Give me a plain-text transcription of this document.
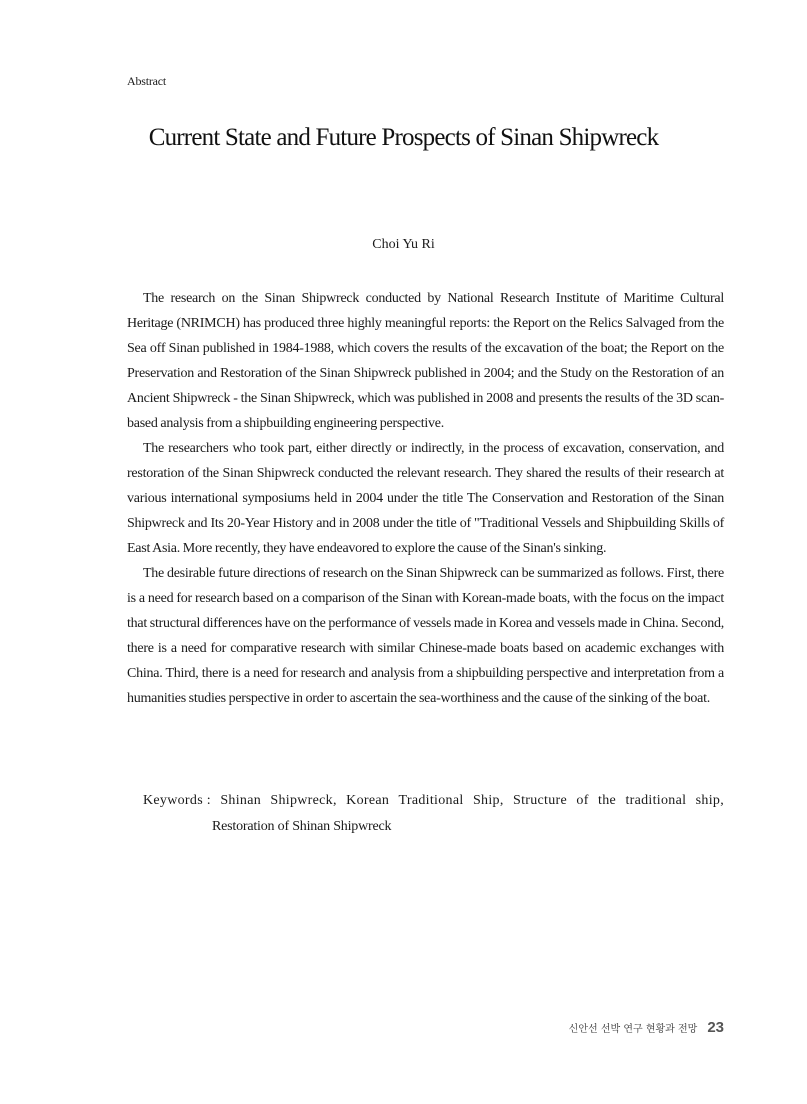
Abstract
Current State and Future Prospects of Sinan Shipwreck
Choi Yu Ri

The research on the Sinan Shipwreck conducted by National Research Institute of Maritime Cultural Heritage (NRIMCH) has produced three highly meaningful reports: the Report on the Relics Salvaged from the Sea off Sinan published in 1984-1988, which covers the results of the excavation of the boat; the Report on the Preservation and Restoration of the Sinan Shipwreck published in 2004; and the Study on the Restoration of an Ancient Shipwreck - the Sinan Shipwreck, which was published in 2008 and presents the results of the 3D scan-based analysis from a shipbuilding engineering perspective.

The researchers who took part, either directly or indirectly, in the process of excavation, conservation, and restoration of the Sinan Shipwreck conducted the relevant research. They shared the results of their research at various international symposiums held in 2004 under the title The Conservation and Restoration of the Sinan Shipwreck and Its 20-Year History and in 2008 under the title of "Traditional Vessels and Shipbuilding Skills of East Asia. More recently, they have endeavored to explore the cause of the Sinan's sinking.

The desirable future directions of research on the Sinan Shipwreck can be summarized as follows. First, there is a need for research based on a comparison of the Sinan with Korean-made boats, with the focus on the impact that structural differences have on the performance of vessels made in Korea and vessels made in China. Second, there is a need for comparative research with similar Chinese-made boats based on academic exchanges with China. Third, there is a need for research and analysis from a shipbuilding perspective and interpretation from a humanities studies perspective in order to ascertain the sea-worthiness and the cause of the sinking of the boat.

Keywords : Shinan Shipwreck, Korean Traditional Ship, Structure of the traditional ship,
Restoration of Shinan Shipwreck
신안선 선박 연구 현황과 전망 23
